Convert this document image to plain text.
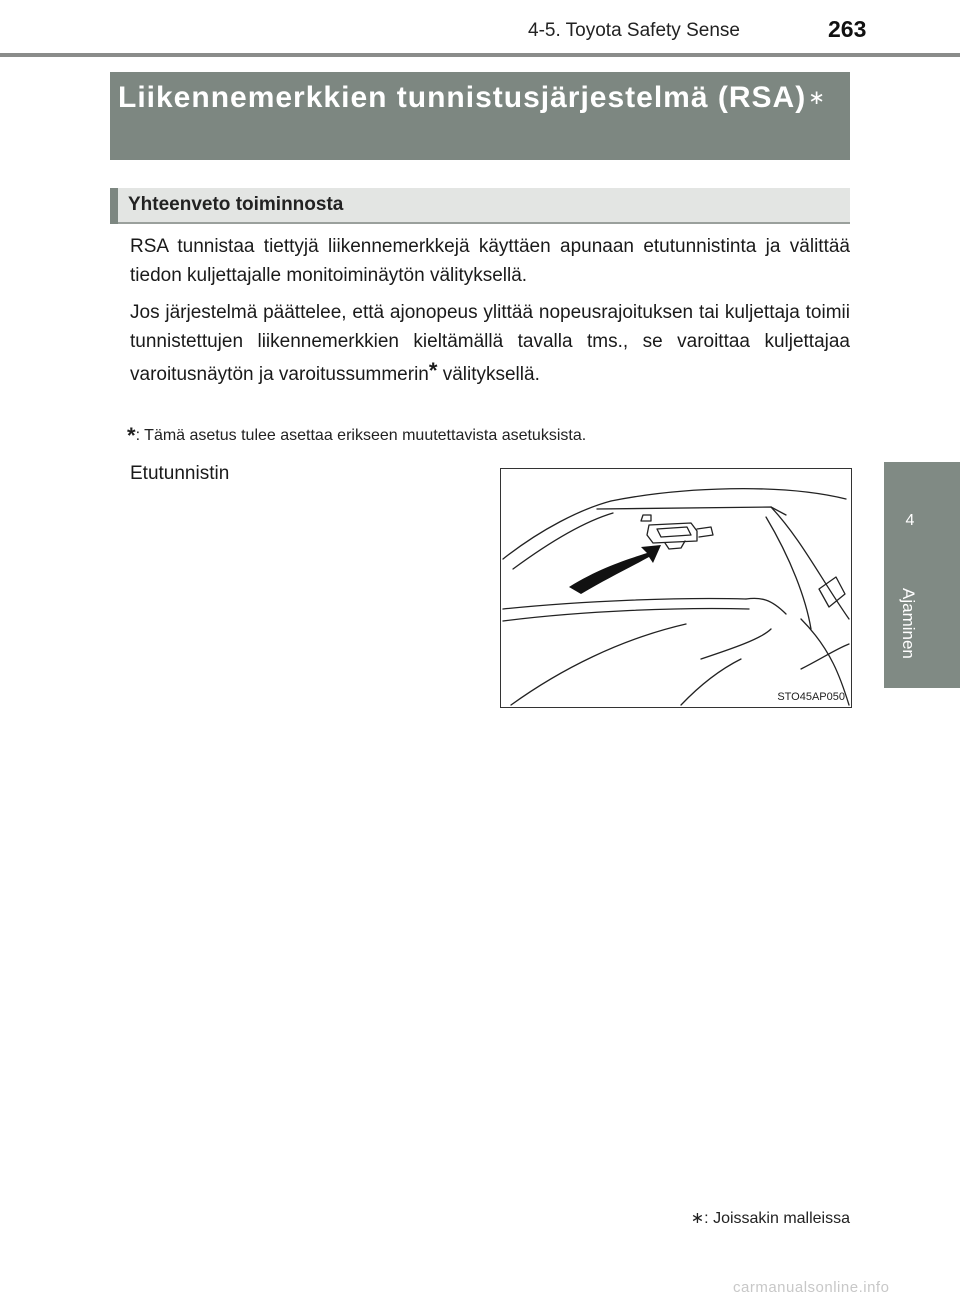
4-5. Toyota Safety Sense	263
4
Ajaminen
Liikennemerkkien tunnistusjärjestelmä (RSA) ∗
Yhteenveto toiminnosta

RSA tunnistaa tiettyjä liikennemerkkejä käyttäen apunaan etutunnistinta ja välittää tiedon kuljettajalle monitoiminäytön välityksellä.

Jos järjestelmä päättelee, että ajonopeus ylittää nopeusrajoituksen tai kuljettaja toimii tunnistettujen liikennemerkkien kieltämällä tavalla tms., se varoittaa kuljettajaa varoitusnäytön ja varoitussummerin* välityksellä.

*: Tämä asetus tulee asettaa erikseen muutettavista asetuksista.
Etutunnistin
STO45AP050
∗: Joissakin malleissa
carmanualsonline.info
